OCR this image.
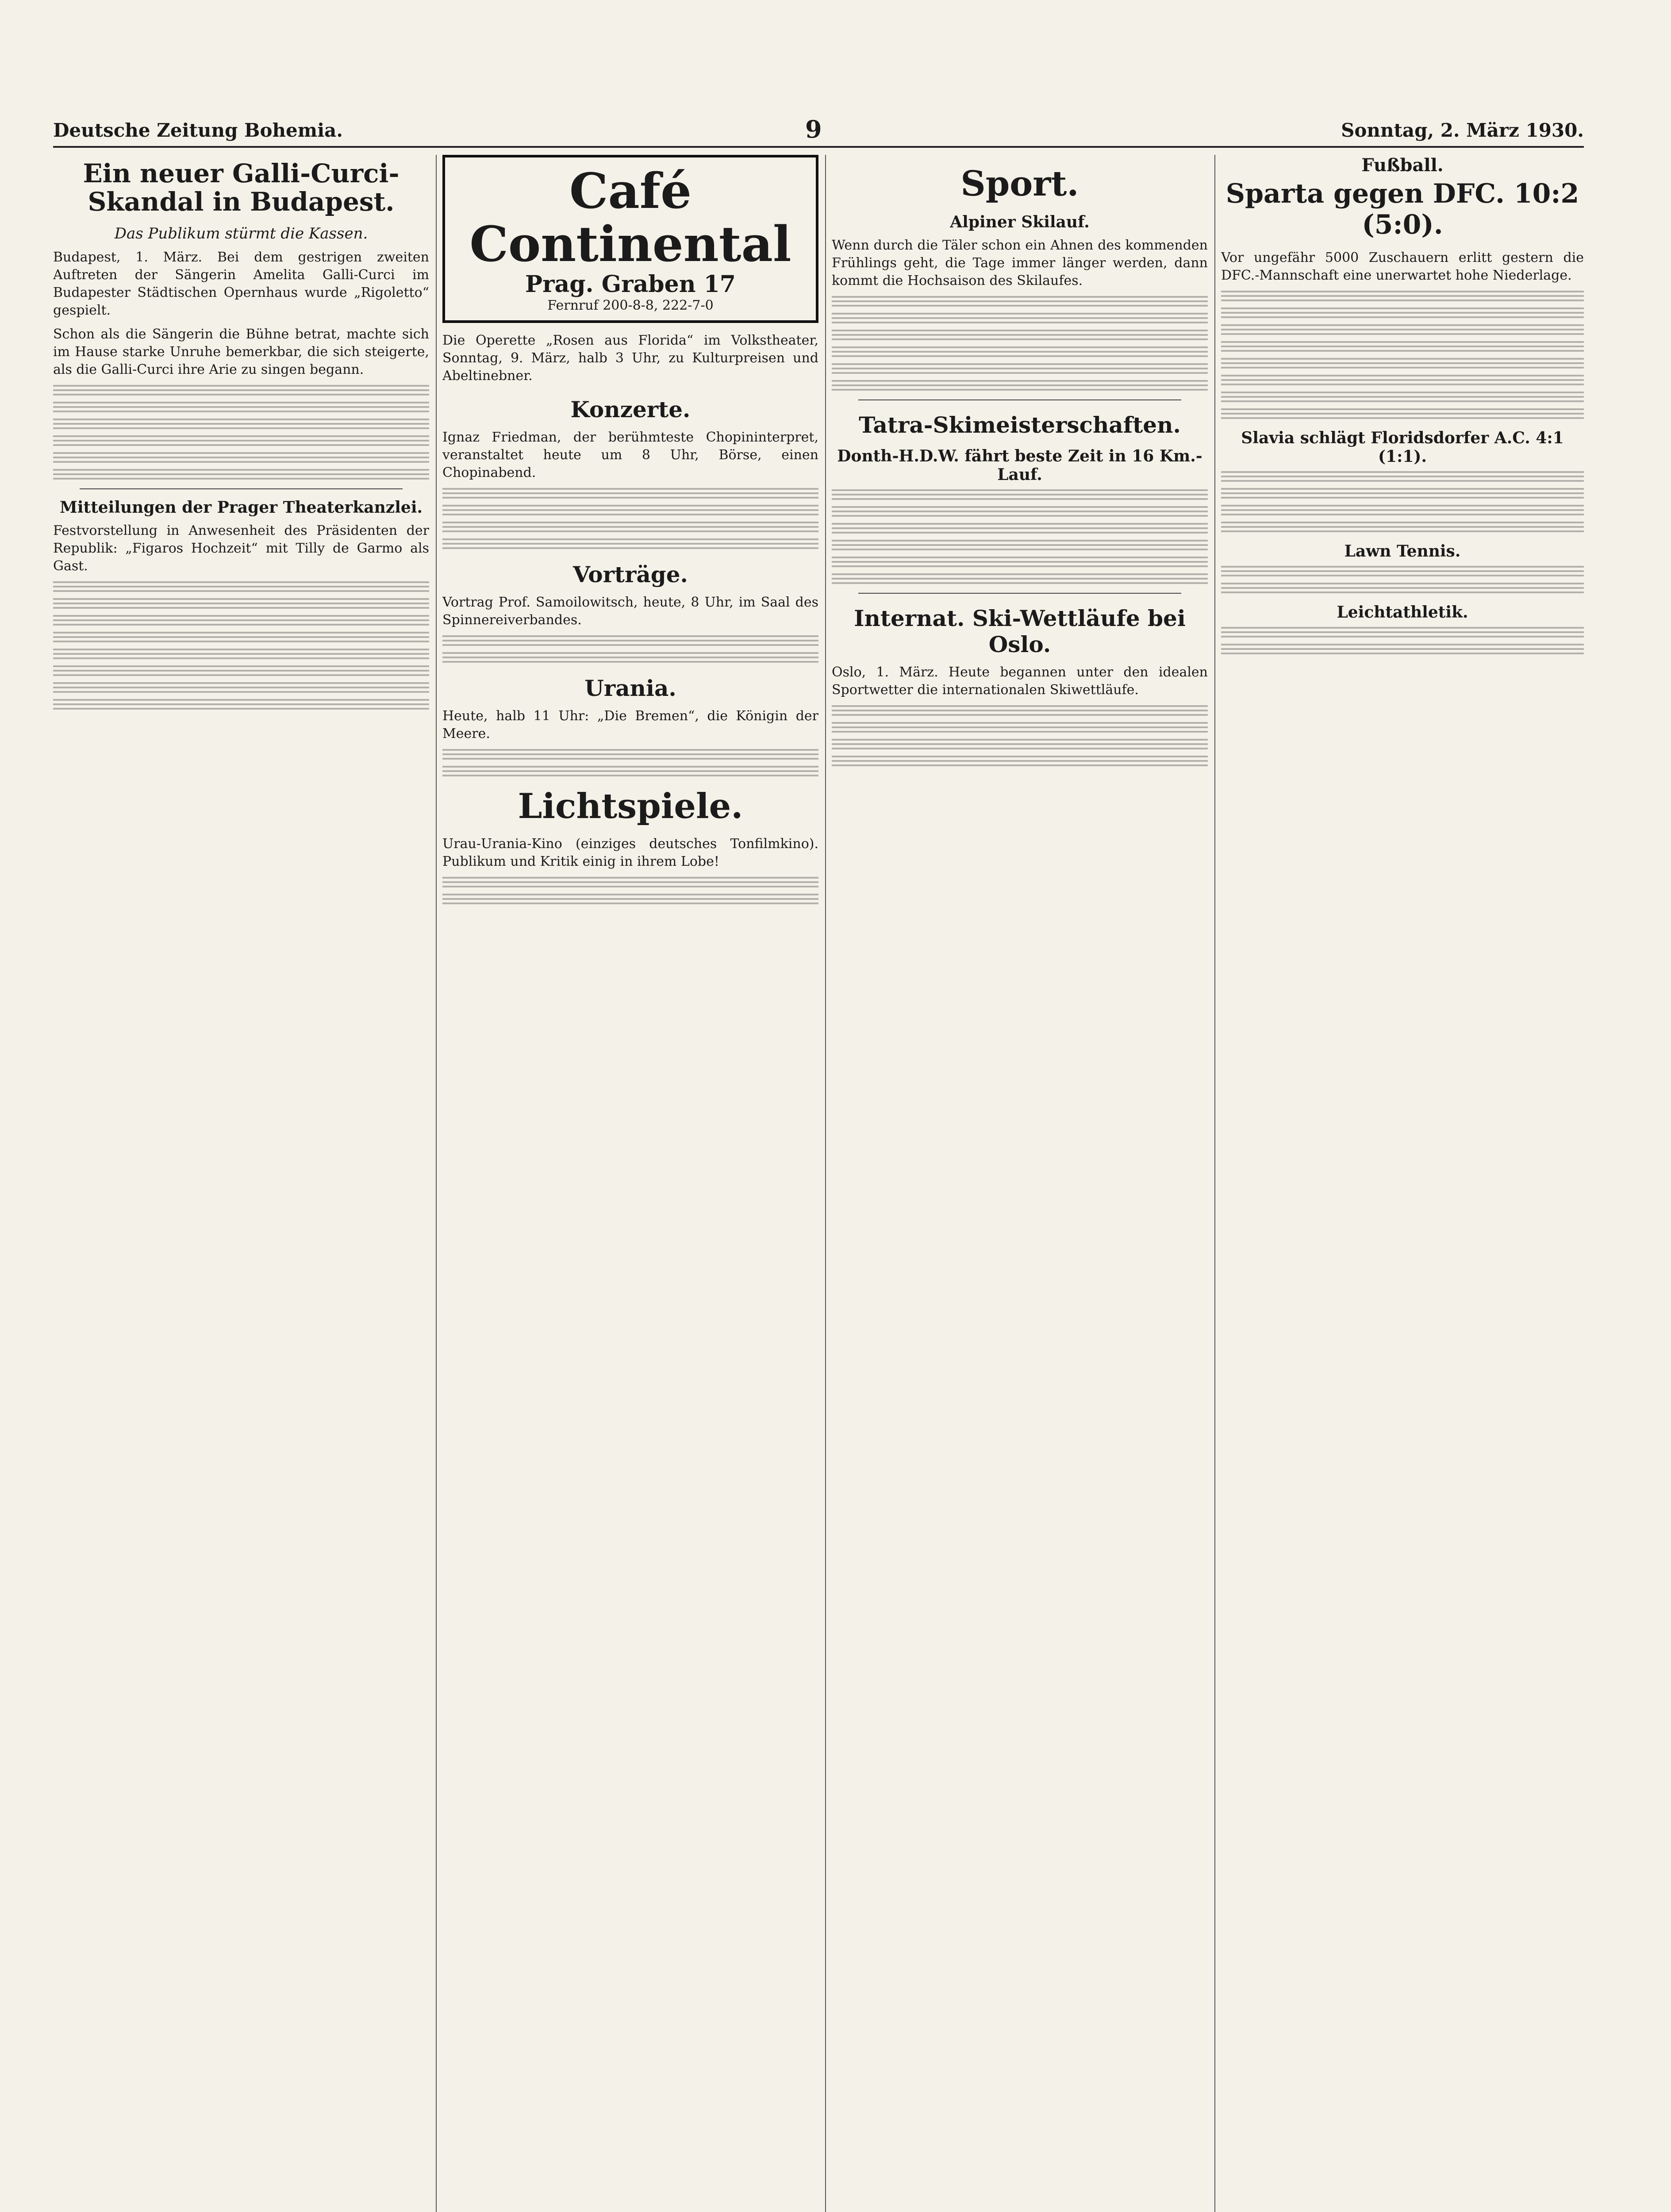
Deutsche Zeitung Bohemia.	9	Sonntag, 2. März 1930.
Ein neuer Galli-Curci-Skandal in Budapest.
Das Publikum stürmt die Kassen.

Budapest, 1. März. Bei dem gestrigen zweiten Auftreten der Sängerin Amelita Galli-Curci im Budapester Städtischen Opernhaus wurde „Rigoletto“ gespielt.

Schon als die Sängerin die Bühne betrat, machte sich im Hause starke Unruhe bemerkbar, die sich steigerte, als die Galli-Curci ihre Arie zu singen begann.

Mitteilungen der Prager Theaterkanzlei.

Festvorstellung in Anwesenheit des Präsidenten der Republik: „Figaros Hochzeit“ mit Tilly de Garmo als Gast.

Café Continental
Prag. Graben 17
Fernruf 200-8-8, 222-7-0

Die Operette „Rosen aus Florida“ im Volkstheater, Sonntag, 9. März, halb 3 Uhr, zu Kulturpreisen und Abeltinebner.

Konzerte.

Ignaz Friedman, der berühmteste Chopininterpret, veranstaltet heute um 8 Uhr, Börse, einen Chopinabend.

Vorträge.

Vortrag Prof. Samoilowitsch, heute, 8 Uhr, im Saal des Spinnereiverbandes.

Urania.

Heute, halb 11 Uhr: „Die Bremen“, die Königin der Meere.

Lichtspiele.

Urau-Urania-Kino (einziges deutsches Tonfilmkino). Publikum und Kritik einig in ihrem Lobe!

Sport.
Alpiner Skilauf.

Wenn durch die Täler schon ein Ahnen des kommenden Frühlings geht, die Tage immer länger werden, dann kommt die Hochsaison des Skilaufes.

Tatra-Skimeisterschaften.
Donth-H.D.W. fährt beste Zeit in 16 Km.-Lauf.
Internat. Ski-Wettläufe bei Oslo.

Oslo, 1. März. Heute begannen unter den idealen Sportwetter die internationalen Skiwettläufe.

Fußball.
Sparta gegen DFC. 10:2 (5:0).

Vor ungefähr 5000 Zuschauern erlitt gestern die DFC.-Mannschaft eine unerwartet hohe Niederlage.

Slavia schlägt Floridsdorfer A.C. 4:1 (1:1).
Lawn Tennis.
Leichtathletik.
